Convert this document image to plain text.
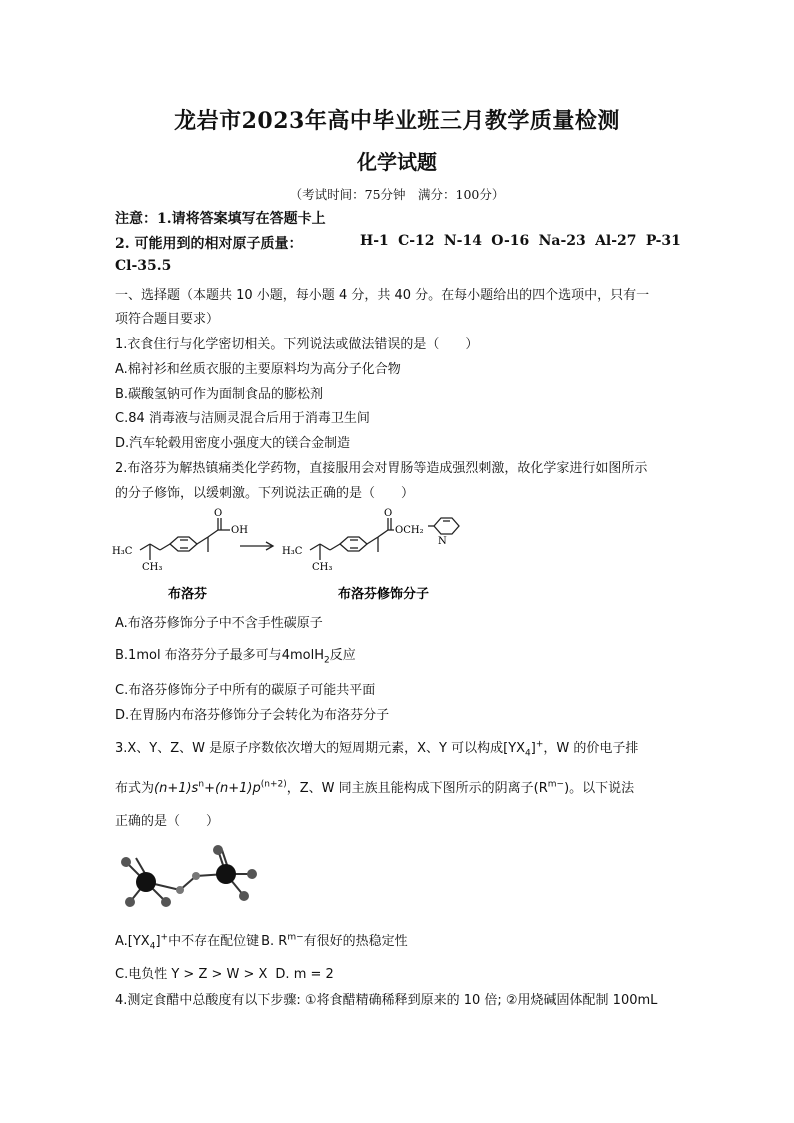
龙岩市2023年高中毕业班三月教学质量检测
化学试题
（考试时间：75分钟　满分：100分）
注意：1.请将答案填写在答题卡上
2. 可能用到的相对原子质量：	H-1 C-12 N-14 O-16 Na-23 Al-27 P-31
Cl-35.5
一、选择题（本题共 10 小题，每小题 4 分，共 40 分。在每小题给出的四个选项中，只有一
项符合题目要求）
1.衣食住行与化学密切相关。下列说法或做法错误的是（　　）
A.棉衬衫和丝质衣服的主要原料均为高分子化合物
B.碳酸氢钠可作为面制食品的膨松剂
C.84 消毒液与洁厕灵混合后用于消毒卫生间
D.汽车轮毂用密度小强度大的镁合金制造
2.布洛芬为解热镇痛类化学药物，直接服用会对胃肠等造成强烈刺激，故化学家进行如图所示
的分子修饰，以缓刺激。下列说法正确的是（　　）
H₃C
CH₃
O
OH
H₃C
CH₃
O
OCH₂
N
布洛芬	布洛芬修饰分子
A.布洛芬修饰分子中不含手性碳原子
B.1mol 布洛芬分子最多可与4molH$_2$反应
C.布洛芬修饰分子中所有的碳原子可能共平面
D.在胃肠内布洛芬修饰分子会转化为布洛芬分子
3.X、Y、Z、W 是原子序数依次增大的短周期元素，X、Y 可以构成$[YX_4]^+$，W 的价电子排
布式为$(n+1)s^n+(n+1)p^{(n+2)}$，Z、W 同主族且能构成下图所示的阴离子$(R^{m-})$。以下说法
正确的是（　　）
$A.[YX_4]^+$中不存在配位键 B. $R^{m-}$有很好的热稳定性
C.电负性 Y > Z > W > X D. m = 2
4.测定食醋中总酸度有以下步骤: ①将食醋精确稀释到原来的 10 倍; ②用烧碱固体配制 100mL
